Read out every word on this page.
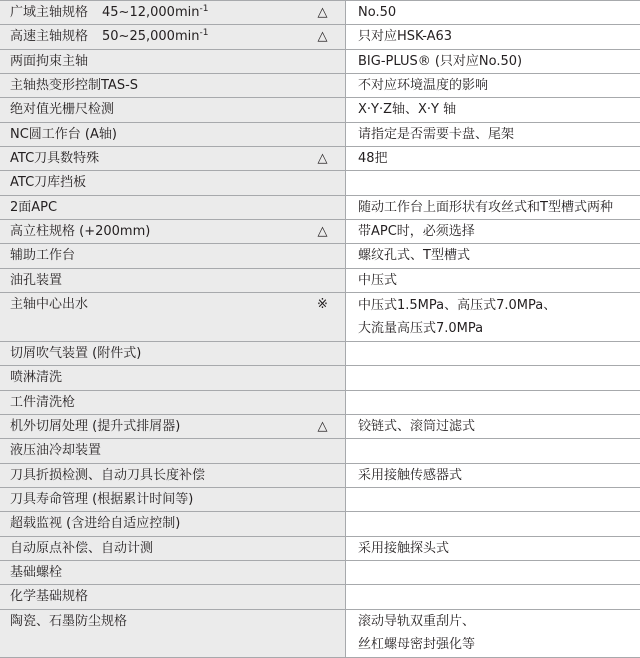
广域主轴规格 $45\sim 12,000\min^{-1}$	△	No.50

高速主轴规格 $50\sim 25,000\min^{-1}$	△	只对应HSK-A63

两面拘束主轴		BIG-PLUS® (只对应No.50)

主轴热变形控制TAS-S		不对应环境温度的影响

绝对值光栅尺检测		X·Y·Z轴、X·Y 轴

NC圆工作台 (A轴)		请指定是否需要卡盘、尾架

ATC刀具数特殊	△	48把

ATC刀库挡板		

2面APC		随动工作台上面形状有攻丝式和T型槽式两种

高立柱规格 (+200mm)	△	带APC时，必须选择

辅助工作台		螺纹孔式、T型槽式

油孔装置		中压式

主轴中心出水	※	中压式1.5MPa、高压式7.0MPa、
大流量高压式7.0MPa

切屑吹气装置 (附件式)		

喷淋清洗		

工件清洗枪		

机外切屑处理 (提升式排屑器)	△	铰链式、滚筒过滤式

液压油冷却装置		

刀具折损检测、自动刀具长度补偿		采用接触传感器式

刀具寿命管理 (根据累计时间等)		

超载监视 (含进给自适应控制)		

自动原点补偿、自动计测		采用接触探头式

基础螺栓		

化学基础规格		

陶瓷、石墨防尘规格		滚动导轨双重刮片、
丝杠螺母密封强化等
